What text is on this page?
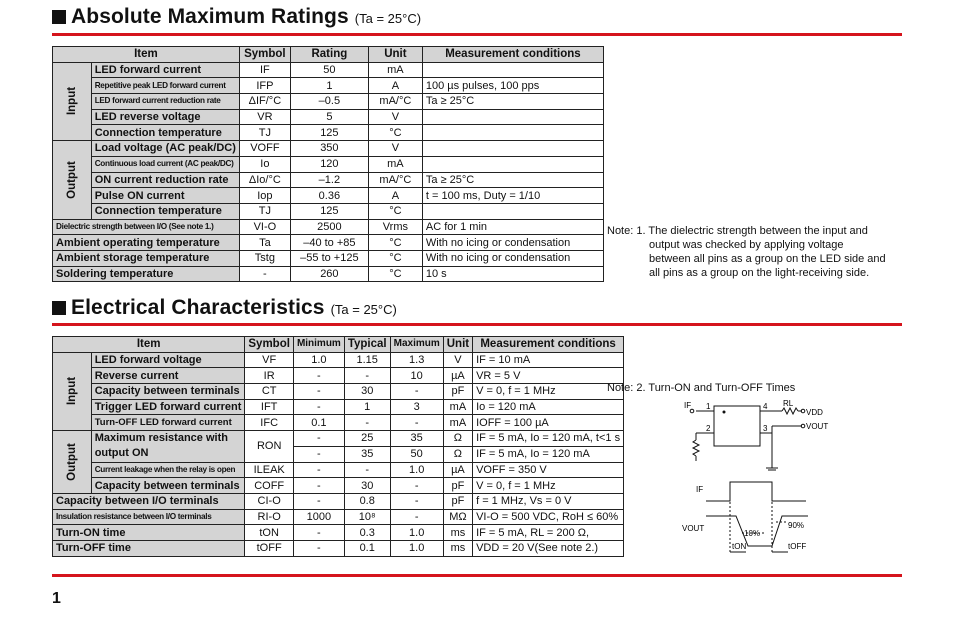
Absolute Maximum Ratings (Ta = 25°C)
Item		Symbol	Rating	Unit	Measurement conditions
Input	LED forward current	IF	50	mA	
	Repetitive peak LED forward current	IFP	1	A	100 µs pulses, 100 pps
	LED forward current reduction rate	ΔIF/°C	–0.5	mA/°C	Ta ≥ 25°C
	LED reverse voltage	VR	5	V	
	Connection temperature	TJ	125	°C	
Output	Load voltage (AC peak/DC)	VOFF	350	V	
	Continuous load current (AC peak/DC)	Io	120	mA	
	ON current reduction rate	ΔIo/°C	–1.2	mA/°C	Ta ≥ 25°C
	Pulse ON current	Iop	0.36	A	t = 100 ms, Duty = 1/10
	Connection temperature	TJ	125	°C	
Dielectric strength between I/O (See note 1.)		VI-O	2500	Vrms	AC for 1 min
Ambient operating temperature		Ta	–40 to +85	°C	With no icing or condensation
Ambient storage temperature		Tstg	–55 to +125	°C	With no icing or condensation
Soldering temperature		-	260	°C	10 s
Note: 1. The dielectric strength between the input and
output was checked by applying voltage
between all pins as a group on the LED side and
all pins as a group on the light-receiving side.
Electrical Characteristics (Ta = 25°C)
Item		Symbol	Minimum	Typical	Maximum	Unit	Measurement conditions
Input	LED forward voltage	VF	1.0	1.15	1.3	V	IF = 10 mA
	Reverse current	IR	-	-	10	µA	VR = 5 V
	Capacity between terminals	CT	-	30	-	pF	V = 0, f = 1 MHz
	Trigger LED forward current	IFT	-	1	3	mA	Io = 120 mA
	Turn-OFF LED forward current	IFC	0.1	-	-	mA	IOFF = 100 µA
Output	Maximum resistance with output ON	RON	-	25	35	Ω	IF = 5 mA, Io = 120 mA, t<1 s
			-	35	50	Ω	IF = 5 mA, Io = 120 mA
	Current leakage when the relay is open	ILEAK	-	-	1.0	µA	VOFF = 350 V
	Capacity between terminals	COFF	-	30	-	pF	V = 0, f = 1 MHz
Capacity between I/O terminals		CI-O	-	0.8	-	pF	f = 1 MHz, Vs = 0 V
Insulation resistance between I/O terminals		RI-O	1000	10⁸	-	MΩ	VI-O = 500 VDC, RoH ≤ 60%
Turn-ON time		tON	-	0.3	1.0	ms	IF = 5 mA, RL = 200 Ω,
Turn-OFF time		tOFF	-	0.1	1.0	ms	VDD = 20 V(See note 2.)
Note: 2. Turn-ON and Turn-OFF Times
IF 1
2	3
4 RL
VDD
VOUT
IF
VOUT
10%
90%
tON	tOFF
1
